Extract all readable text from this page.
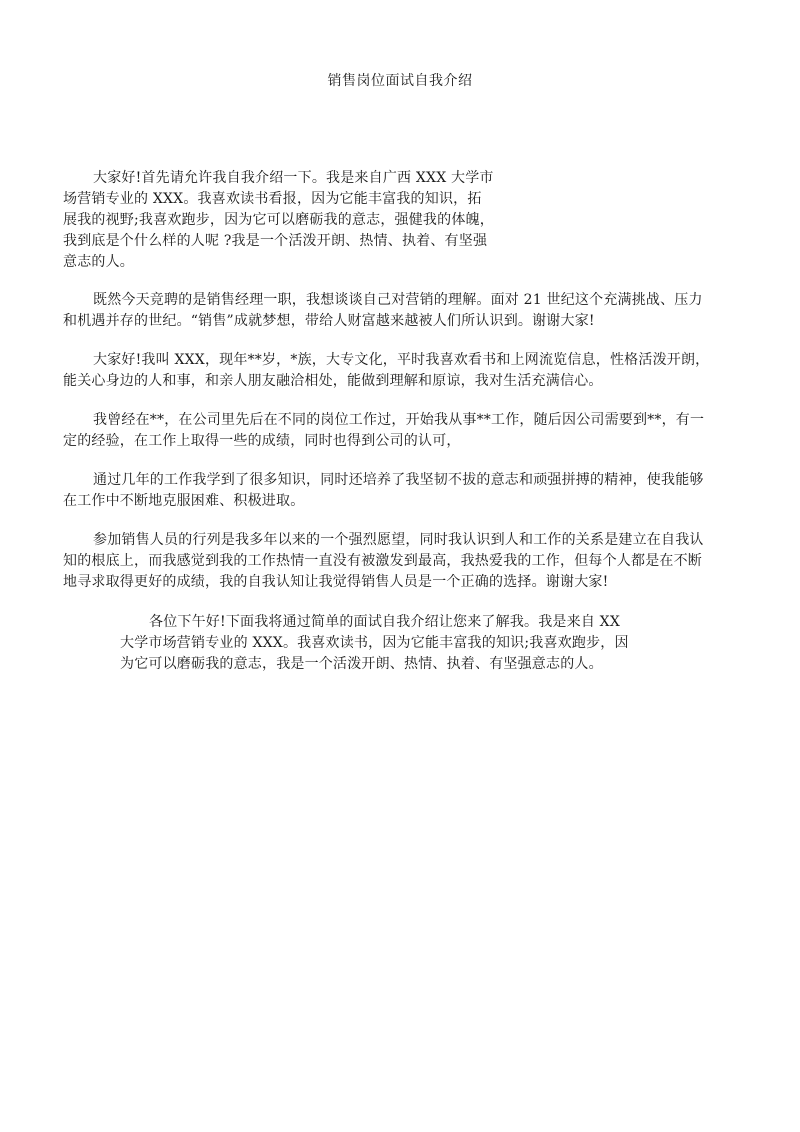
销售岗位面试自我介绍
大家好!首先请允许我自我介绍一下。我是来自广西 XXX 大学市
场营销专业的 XXX。我喜欢读书看报，因为它能丰富我的知识，拓
展我的视野;我喜欢跑步，因为它可以磨砺我的意志，强健我的体魄，
我到底是个什么样的人呢 ?我是一个活泼开朗、热情、执着、有坚强
意志的人。
既然今天竞聘的是销售经理一职，我想谈谈自己对营销的理解。面对 21 世纪这个充满挑战、压力
和机遇并存的世纪。“销售”成就梦想，带给人财富越来越被人们所认识到。谢谢大家!
大家好!我叫 XXX，现年**岁，*族，大专文化，平时我喜欢看书和上网流览信息，性格活泼开朗，
能关心身边的人和事，和亲人朋友融洽相处，能做到理解和原谅，我对生活充满信心。
我曾经在**，在公司里先后在不同的岗位工作过，开始我从事**工作，随后因公司需要到**，有一
定的经验，在工作上取得一些的成绩，同时也得到公司的认可，
通过几年的工作我学到了很多知识，同时还培养了我坚韧不拔的意志和顽强拼搏的精神，使我能够
在工作中不断地克服困难、积极进取。
参加销售人员的行列是我多年以来的一个强烈愿望，同时我认识到人和工作的关系是建立在自我认
知的根底上，而我感觉到我的工作热情一直没有被激发到最高，我热爱我的工作，但每个人都是在不断
地寻求取得更好的成绩，我的自我认知让我觉得销售人员是一个正确的选择。谢谢大家!
各位下午好!下面我将通过简单的面试自我介绍让您来了解我。我是来自 XX
大学市场营销专业的 XXX。我喜欢读书，因为它能丰富我的知识;我喜欢跑步，因
为它可以磨砺我的意志，我是一个活泼开朗、热情、执着、有坚强意志的人。
